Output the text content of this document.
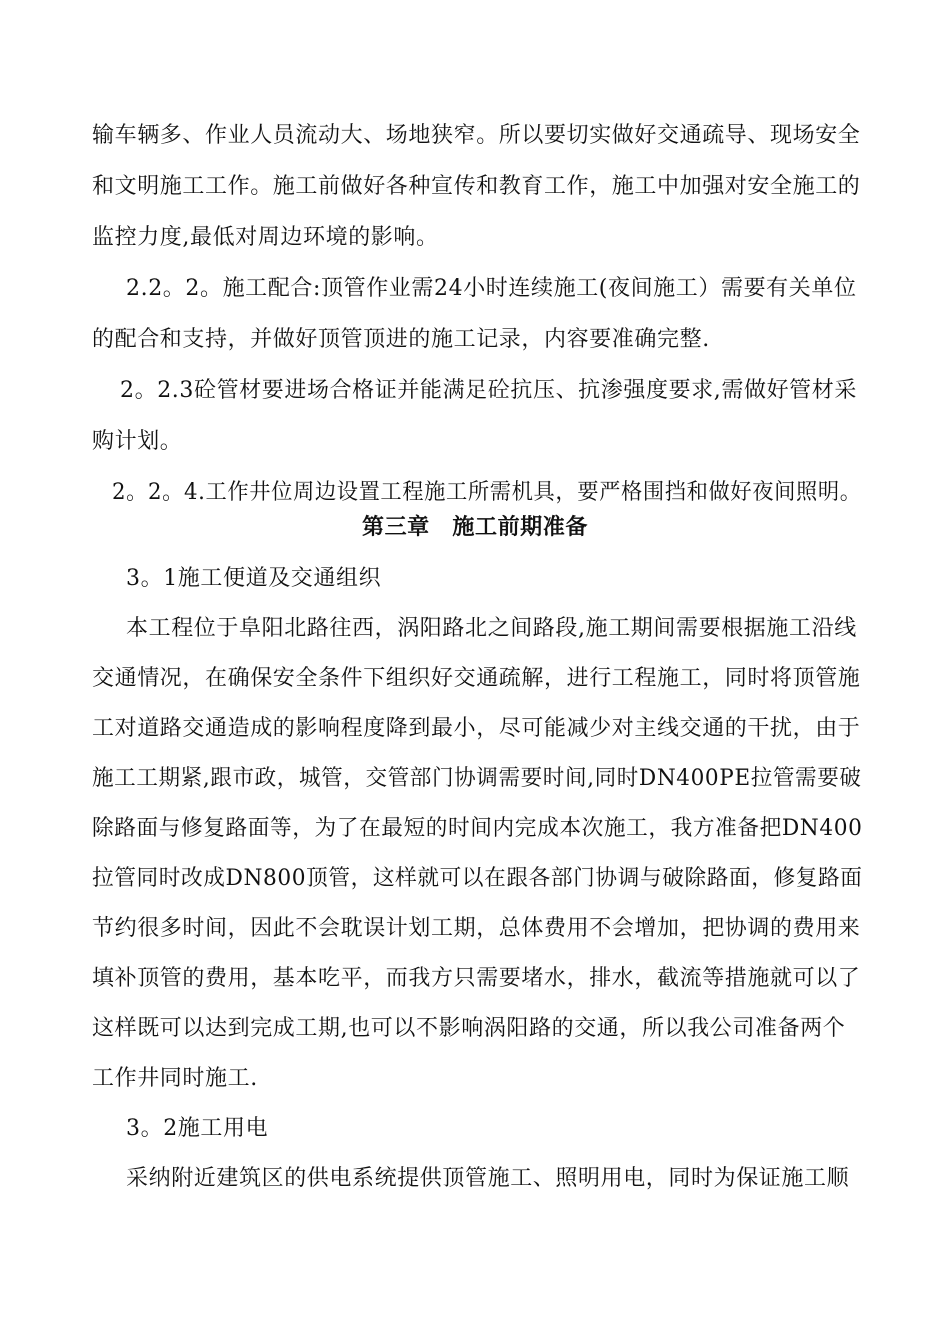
输车辆多、作业人员流动大、场地狭窄。所以要切实做好交通疏导、现场安全
和文明施工工作。施工前做好各种宣传和教育工作，施工中加强对安全施工的
监控力度,最低对周边环境的影响。
2.2。2。施工配合:顶管作业需24小时连续施工(夜间施工）需要有关单位
的配合和支持，并做好顶管顶进的施工记录，内容要准确完整.
2。2.3砼管材要进场合格证并能满足砼抗压、抗渗强度要求,需做好管材采
购计划。
2。2。4.工作井位周边设置工程施工所需机具，要严格围挡和做好夜间照明。
第三章　施工前期准备
3。1施工便道及交通组织
本工程位于阜阳北路往西，涡阳路北之间路段,施工期间需要根据施工沿线
交通情况，在确保安全条件下组织好交通疏解，进行工程施工，同时将顶管施
工对道路交通造成的影响程度降到最小，尽可能减少对主线交通的干扰，由于
施工工期紧,跟市政，城管，交管部门协调需要时间,同时DN400PE拉管需要破
除路面与修复路面等，为了在最短的时间内完成本次施工，我方准备把DN400
拉管同时改成DN800顶管，这样就可以在跟各部门协调与破除路面，修复路面
节约很多时间，因此不会耽误计划工期，总体费用不会增加，把协调的费用来
填补顶管的费用，基本吃平，而我方只需要堵水，排水，截流等措施就可以了
这样既可以达到完成工期,也可以不影响涡阳路的交通，所以我公司准备两个
工作井同时施工.
3。2施工用电
采纳附近建筑区的供电系统提供顶管施工、照明用电，同时为保证施工顺
